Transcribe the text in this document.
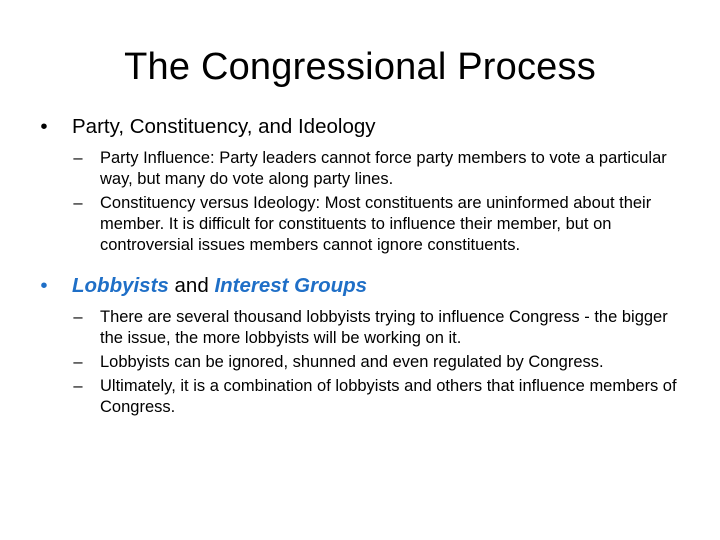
The Congressional Process
•	Party, Constituency, and Ideology
–	Party Influence: Party leaders cannot force party members to vote a particular way, but many do vote along party lines.
–	Constituency versus Ideology: Most constituents are uninformed about their member. It is difficult for constituents to influence their member, but on controversial issues members cannot ignore constituents.
•	Lobbyists and Interest Groups
–	There are several thousand lobbyists trying to influence Congress - the bigger the issue, the more lobbyists will be working on it.
–	Lobbyists can be ignored, shunned and even regulated by Congress.
–	Ultimately, it is a combination of lobbyists and others that influence members of Congress.
